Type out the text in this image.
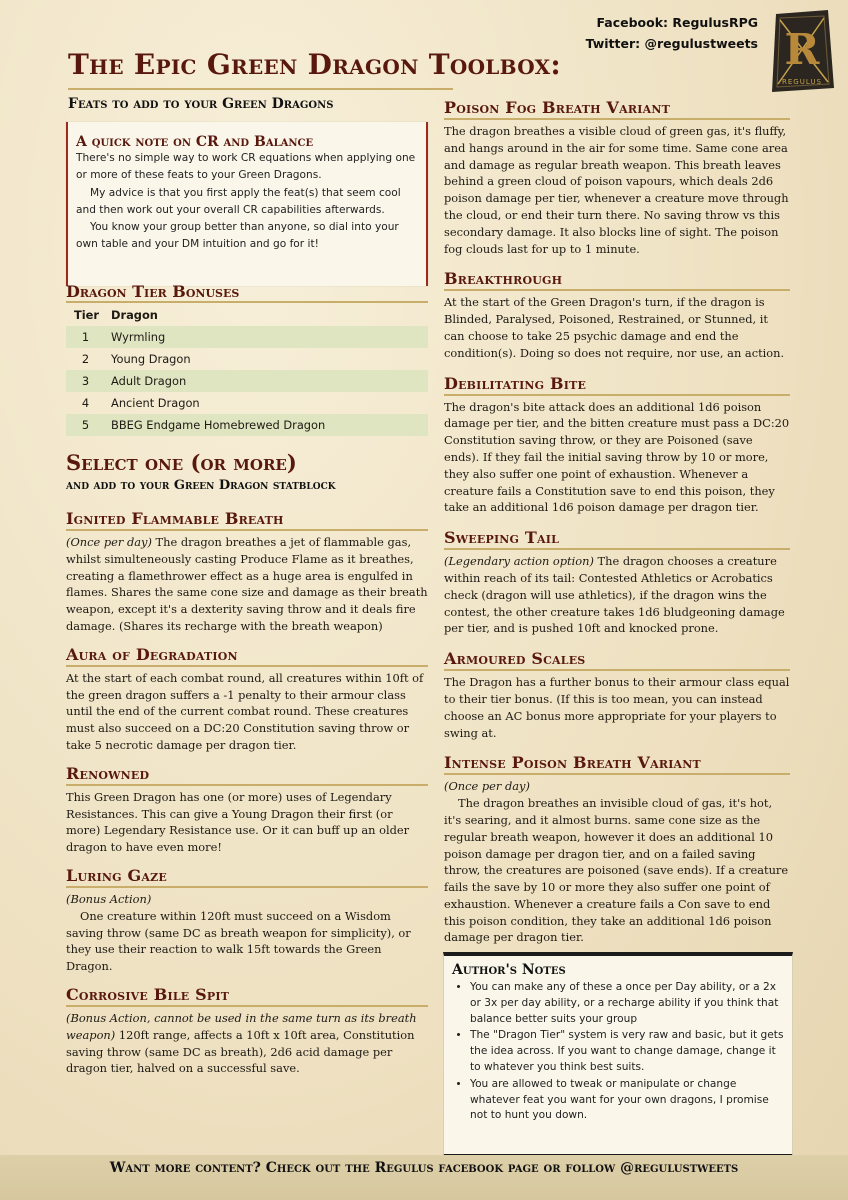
Facebook: RegulusRPG
Twitter: @regulustweets R
REGULUS
The Epic Green Dragon Toolbox:
Feats to add to your Green Dragons
A quick note on CR and Balance

There's no simple way to work CR equations when applying one or more of these feats to your Green Dragons.

My advice is that you first apply the feat(s) that seem cool and then work out your overall CR capabilities afterwards.

You know your group better than anyone, so dial into your own table and your DM intuition and go for it!

Dragon Tier Bonuses
Tier	Dragon
1	Wyrmling
2	Young Dragon
3	Adult Dragon
4	Ancient Dragon
5	BBEG Endgame Homebrewed Dragon
Select one (or more)
and add to your Green Dragon statblock
Ignited Flammable Breath

(Once per day) The dragon breathes a jet of flammable gas, whilst simulteneously casting Produce Flame as it breathes, creating a flamethrower effect as a huge area is engulfed in flames. Shares the same cone size and damage as their breath weapon, except it's a dexterity saving throw and it deals fire damage. (Shares its recharge with the breath weapon)

Aura of Degradation

At the start of each combat round, all creatures within 10ft of the green dragon suffers a -1 penalty to their armour class until the end of the current combat round. These creatures must also succeed on a DC:20 Constitution saving throw or take 5 necrotic damage per dragon tier.

Renowned

This Green Dragon has one (or more) uses of Legendary Resistances. This can give a Young Dragon their first (or more) Legendary Resistance use. Or it can buff up an older dragon to have even more!

Luring Gaze

(Bonus Action)

One creature within 120ft must succeed on a Wisdom saving throw (same DC as breath weapon for simplicity), or they use their reaction to walk 15ft towards the Green Dragon.

Corrosive Bile Spit

(Bonus Action, cannot be used in the same turn as its breath weapon) 120ft range, affects a 10ft x 10ft area, Constitution saving throw (same DC as breath), 2d6 acid damage per dragon tier, halved on a successful save.

Poison Fog Breath Variant

The dragon breathes a visible cloud of green gas, it's fluffy, and hangs around in the air for some time. Same cone area and damage as regular breath weapon. This breath leaves behind a green cloud of poison vapours, which deals 2d6 poison damage per tier, whenever a creature move through the cloud, or end their turn there. No saving throw vs this secondary damage. It also blocks line of sight. The poison fog clouds last for up to 1 minute.

Breakthrough

At the start of the Green Dragon's turn, if the dragon is Blinded, Paralysed, Poisoned, Restrained, or Stunned, it can choose to take 25 psychic damage and end the condition(s). Doing so does not require, nor use, an action.

Debilitating Bite

The dragon's bite attack does an additional 1d6 poison damage per tier, and the bitten creature must pass a DC:20 Constitution saving throw, or they are Poisoned (save ends). If they fail the initial saving throw by 10 or more, they also suffer one point of exhaustion. Whenever a creature fails a Constitution save to end this poison, they take an additional 1d6 poison damage per dragon tier.

Sweeping Tail

(Legendary action option) The dragon chooses a creature within reach of its tail: Contested Athletics or Acrobatics check (dragon will use athletics), if the dragon wins the contest, the other creature takes 1d6 bludgeoning damage per tier, and is pushed 10ft and knocked prone.

Armoured Scales

The Dragon has a further bonus to their armour class equal to their tier bonus. (If this is too mean, you can instead choose an AC bonus more appropriate for your players to swing at.

Intense Poison Breath Variant

(Once per day)

The dragon breathes an invisible cloud of gas, it's hot, it's searing, and it almost burns. same cone size as the regular breath weapon, however it does an additional 10 poison damage per dragon tier, and on a failed saving throw, the creatures are poisoned (save ends). If a creature fails the save by 10 or more they also suffer one point of exhaustion. Whenever a creature fails a Con save to end this poison condition, they take an additional 1d6 poison damage per dragon tier.

Author's Notes
• You can make any of these a once per Day ability, or a 2x or 3x per day ability, or a recharge ability if you think that balance better suits your group
• The "Dragon Tier" system is very raw and basic, but it gets the idea across. If you want to change damage, change it to whatever you think best suits.
• You are allowed to tweak or manipulate or change whatever feat you want for your own dragons, I promise not to hunt you down.
Want more content? Check out the Regulus facebook page or follow @regulustweets
